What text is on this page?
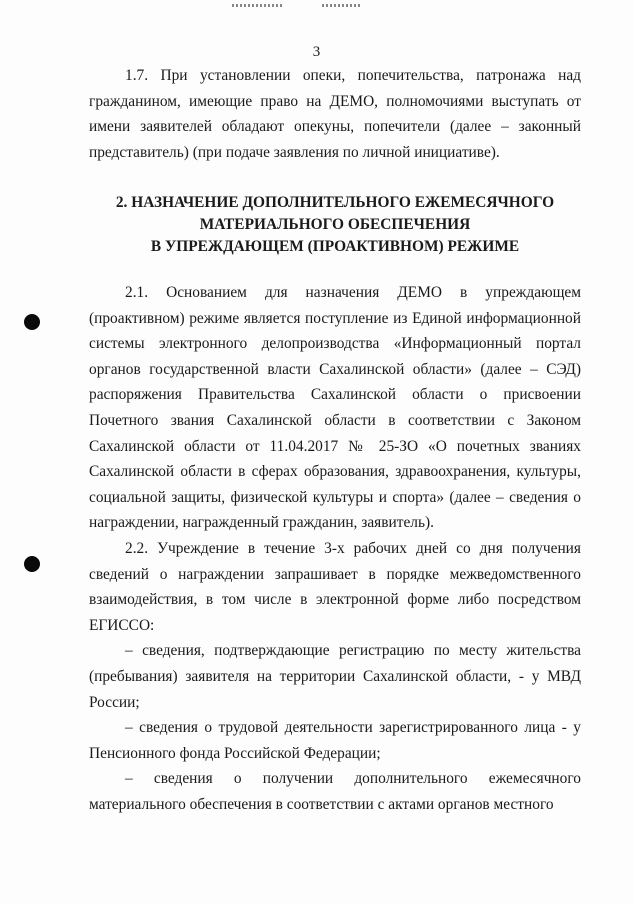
3

1.7. При установлении опеки, попечительства, патронажа над гражданином, имеющие право на ДЕМО, полномочиями выступать от имени заявителей обладают опекуны, попечители (далее – законный представитель) (при подаче заявления по личной инициативе).

2. НАЗНАЧЕНИЕ ДОПОЛНИТЕЛЬНОГО ЕЖЕМЕСЯЧНОГО
МАТЕРИАЛЬНОГО ОБЕСПЕЧЕНИЯ
В УПРЕЖДАЮЩЕМ (ПРОАКТИВНОМ) РЕЖИМЕ

2.1. Основанием для назначения ДЕМО в упреждающем (проактивном) режиме является поступление из Единой информационной системы электронного делопроизводства «Информационный портал органов государственной власти Сахалинской области» (далее – СЭД) распоряжения Правительства Сахалинской области о присвоении Почетного звания Сахалинской области в соответствии с Законом Сахалинской области от 11.04.2017 № 25-ЗО «О почетных званиях Сахалинской области в сферах образования, здравоохранения, культуры, социальной защиты, физической культуры и спорта» (далее – сведения о награждении, награжденный гражданин, заявитель).

2.2. Учреждение в течение 3-х рабочих дней со дня получения сведений о награждении запрашивает в порядке межведомственного взаимодействия, в том числе в электронной форме либо посредством ЕГИССО:

– сведения, подтверждающие регистрацию по месту жительства (пребывания) заявителя на территории Сахалинской области, - у МВД России;

– сведения о трудовой деятельности зарегистрированного лица - у Пенсионного фонда Российской Федерации;

– сведения о получении дополнительного ежемесячного материального обеспечения в соответствии с актами органов местного
